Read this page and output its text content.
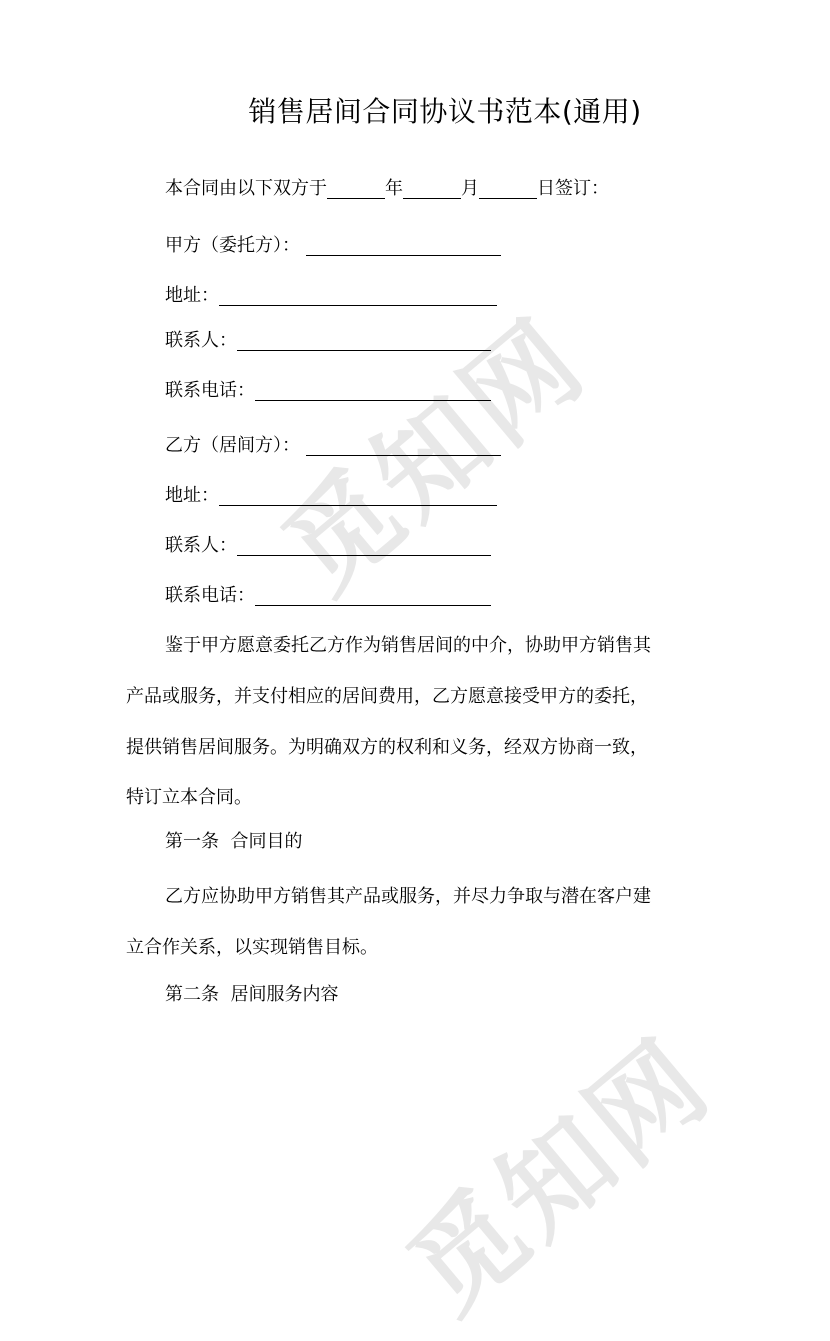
觅知网
觅知网
销售居间合同协议书范本(通用)
本合同由以下双方于	年	月	日签订：
甲方（委托方）：
地址：
联系人：
联系电话：
乙方（居间方）：
地址：
联系人：
联系电话：
鉴于甲方愿意委托乙方作为销售居间的中介，协助甲方销售其
产品或服务，并支付相应的居间费用，乙方愿意接受甲方的委托，
提供销售居间服务。为明确双方的权利和义务，经双方协商一致，
特订立本合同。
第一条  合同目的
乙方应协助甲方销售其产品或服务，并尽力争取与潜在客户建
立合作关系，以实现销售目标。
第二条  居间服务内容
